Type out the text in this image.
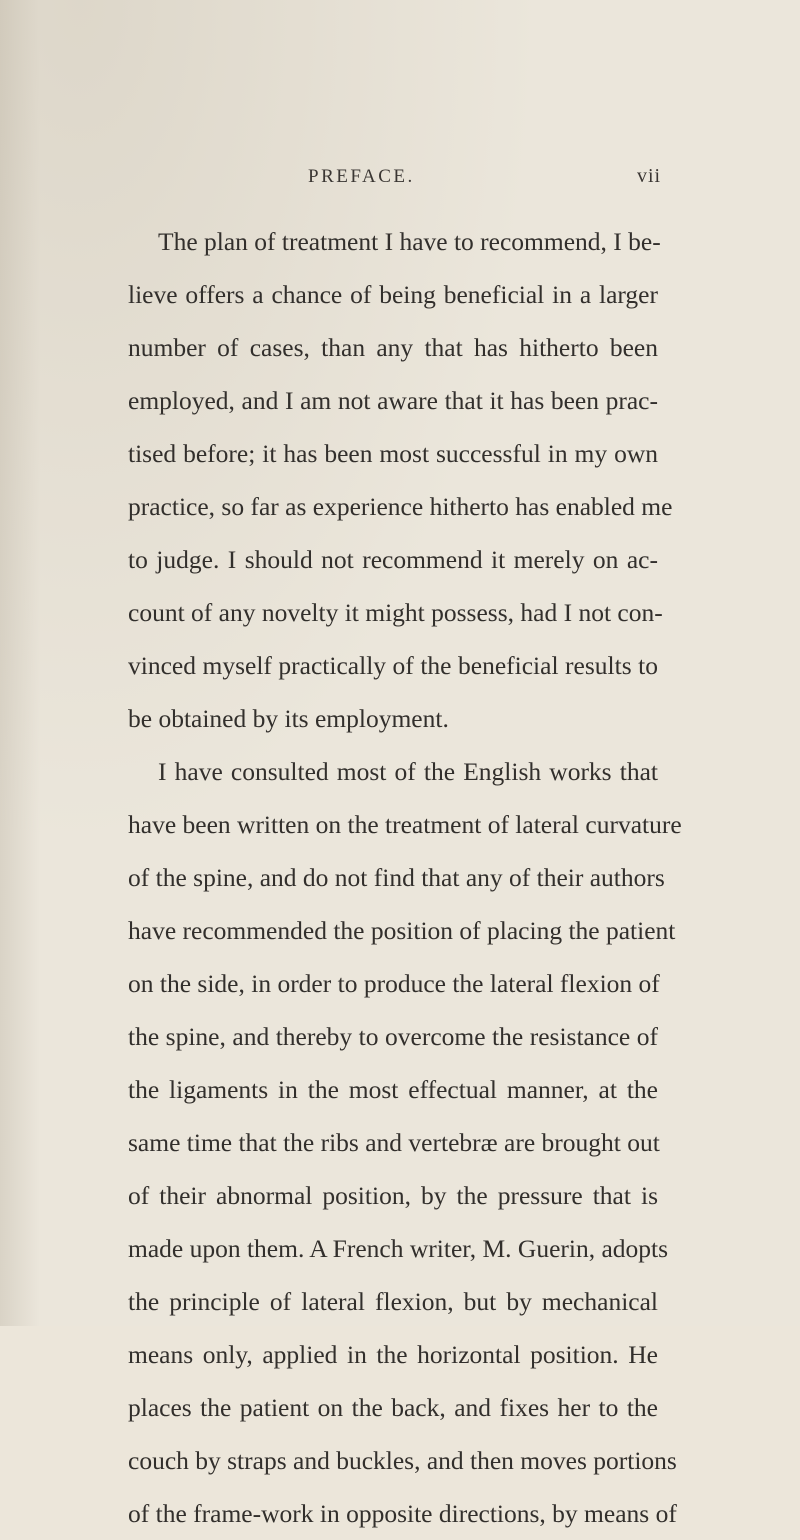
PREFACE.	vii
The plan of treatment I have to recommend, I be-
lieve offers a chance of being beneficial in a larger
number of cases, than any that has hitherto been
employed, and I am not aware that it has been prac-
tised before; it has been most successful in my own
practice, so far as experience hitherto has enabled me
to judge. I should not recommend it merely on ac-
count of any novelty it might possess, had I not con-
vinced myself practically of the beneficial results to
be obtained by its employment.
I have consulted most of the English works that
have been written on the treatment of lateral curvature
of the spine, and do not find that any of their authors
have recommended the position of placing the patient
on the side, in order to produce the lateral flexion of
the spine, and thereby to overcome the resistance of
the ligaments in the most effectual manner, at the
same time that the ribs and vertebræ are brought out
of their abnormal position, by the pressure that is
made upon them. A French writer, M. Guerin, adopts
the principle of lateral flexion, but by mechanical
means only, applied in the horizontal position. He
places the patient on the back, and fixes her to the
couch by straps and buckles, and then moves portions
of the frame-work in opposite directions, by means of
